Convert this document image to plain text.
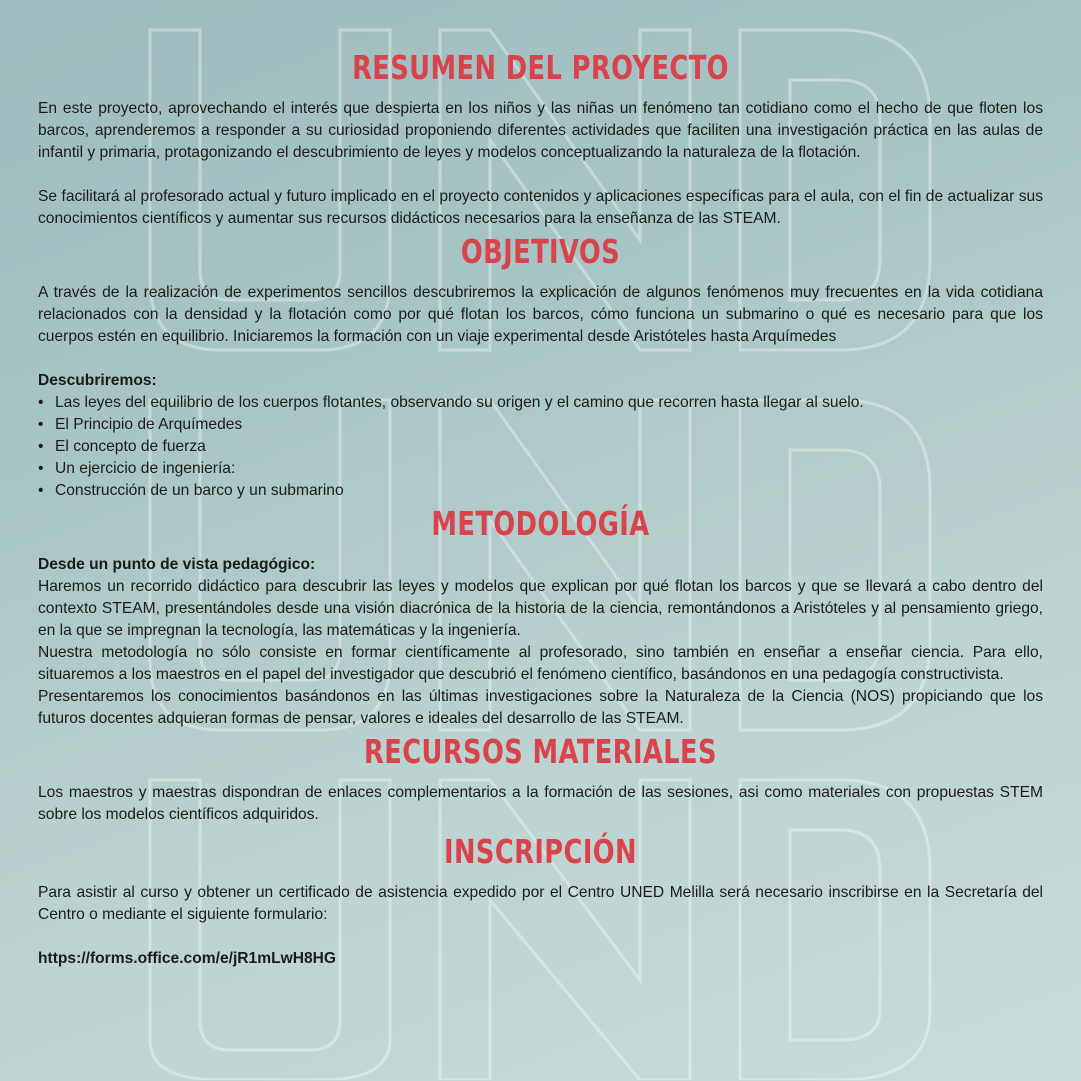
RESUMEN DEL PROYECTO

En este proyecto, aprovechando el interés que despierta en los niños y las niñas un fenómeno tan cotidiano como el hecho de que floten los barcos, aprenderemos a responder a su curiosidad proponiendo diferentes actividades que faciliten una investigación práctica en las aulas de infantil y primaria, protagonizando el descubrimiento de leyes y modelos conceptualizando la naturaleza de la flotación.

Se facilitará al profesorado actual y futuro implicado en el proyecto contenidos y aplicaciones específicas para el aula, con el fin de actualizar sus conocimientos científicos y aumentar sus recursos didácticos necesarios para la enseñanza de las STEAM.

OBJETIVOS

A través de la realización de experimentos sencillos descubriremos la explicación de algunos fenómenos muy frecuentes en la vida cotidiana relacionados con la densidad y la flotación como por qué flotan los barcos, cómo funciona un submarino o qué es necesario para que los cuerpos estén en equilibrio. Iniciaremos la formación con un viaje experimental desde Aristóteles hasta Arquímedes

Descubriremos:

• Las leyes del equilibrio de los cuerpos flotantes, observando su origen y el camino que recorren hasta llegar al suelo.
• El Principio de Arquímedes
• El concepto de fuerza
• Un ejercicio de ingeniería:
• Construcción de un barco y un submarino
METODOLOGÍA

Desde un punto de vista pedagógico:

Haremos un recorrido didáctico para descubrir las leyes y modelos que explican por qué flotan los barcos y que se llevará a cabo dentro del contexto STEAM, presentándoles desde una visión diacrónica de la historia de la ciencia, remontándonos a Aristóteles y al pensamiento griego, en la que se impregnan la tecnología, las matemáticas y la ingeniería.

Nuestra metodología no sólo consiste en formar científicamente al profesorado, sino también en enseñar a enseñar ciencia. Para ello, situaremos a los maestros en el papel del investigador que descubrió el fenómeno científico, basándonos en una pedagogía constructivista.

Presentaremos los conocimientos basándonos en las últimas investigaciones sobre la Naturaleza de la Ciencia (NOS) propiciando que los futuros docentes adquieran formas de pensar, valores e ideales del desarrollo de las STEAM.

RECURSOS MATERIALES

Los maestros y maestras dispondran de enlaces complementarios a la formación de las sesiones, asi como materiales con propuestas STEM sobre los modelos científicos adquiridos.

INSCRIPCIÓN

Para asistir al curso y obtener un certificado de asistencia expedido por el Centro UNED Melilla será necesario inscribirse en la Secretaría del Centro o mediante el siguiente formulario:

https://forms.office.com/e/jR1mLwH8HG
